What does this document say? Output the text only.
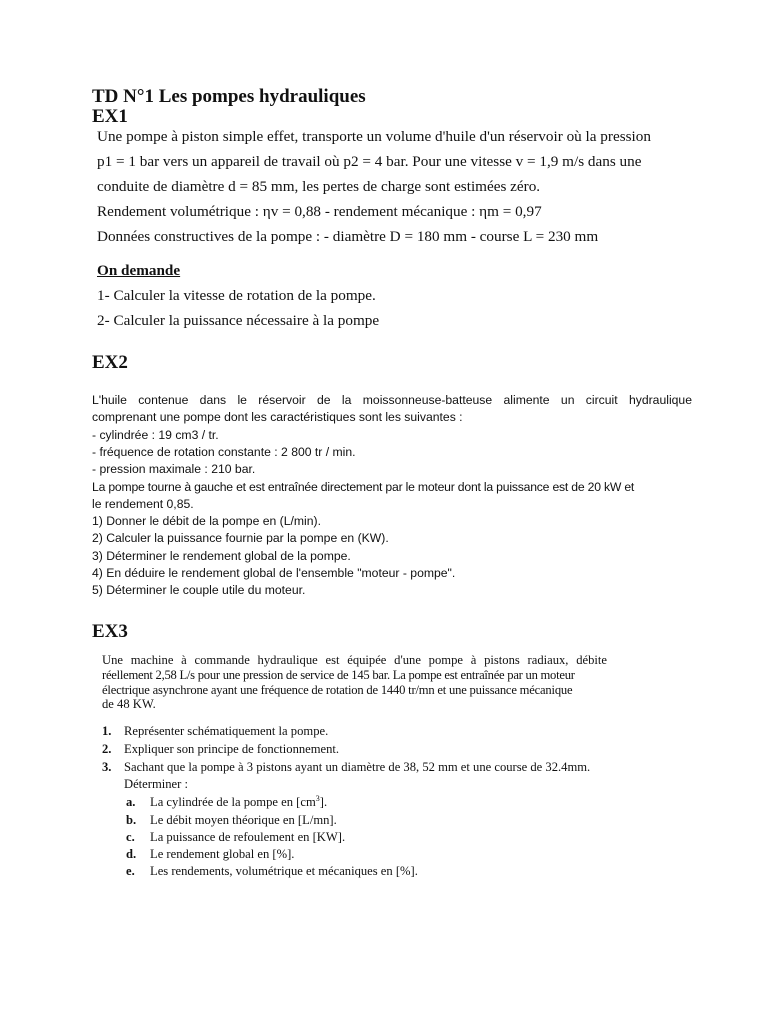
TD N°1 Les pompes hydrauliques
EX1
Une pompe à piston simple effet, transporte un volume d'huile d'un réservoir où la pression
p1 = 1 bar vers un appareil de travail où p2 = 4 bar. Pour une vitesse v = 1,9 m/s dans une
conduite de diamètre d = 85 mm, les pertes de charge sont estimées zéro.
Rendement volumétrique : ηv = 0,88 - rendement mécanique : ηm = 0,97
Données constructives de la pompe : - diamètre D = 180 mm - course L = 230 mm
On demande
1- Calculer la vitesse de rotation de la pompe.
2- Calculer la puissance nécessaire à la pompe
EX2
L'huile contenue dans le réservoir de la moissonneuse-batteuse alimente un circuit hydraulique
comprenant une pompe dont les caractéristiques sont les suivantes :
- cylindrée : 19 cm3 / tr.
- fréquence de rotation constante : 2 800 tr / min.
- pression maximale : 210 bar.
La pompe tourne à gauche et est entraînée directement par le moteur dont la puissance est de 20 kW et
le rendement 0,85.
1) Donner le débit de la pompe en (L/min).
2) Calculer la puissance fournie par la pompe en (KW).
3) Déterminer le rendement global de la pompe.
4) En déduire le rendement global de l'ensemble "moteur - pompe".
5) Déterminer le couple utile du moteur.
EX3
Une machine à commande hydraulique est équipée d'une pompe à pistons radiaux, débite
réellement 2,58 L/s pour une pression de service de 145 bar. La pompe est entraînée par un moteur
électrique asynchrone ayant une fréquence de rotation de 1440 tr/mn et une puissance mécanique
de 48 KW.
1. Représenter schématiquement la pompe.
2. Expliquer son principe de fonctionnement.
3. Sachant que la pompe à 3 pistons ayant un diamètre de 38, 52 mm et une course de 32.4mm.
Déterminer :
a. La cylindrée de la pompe en $[cm^3]$.
b. Le débit moyen théorique en [L/mn].
c. La puissance de refoulement en [KW].
d. Le rendement global en [%].
e. Les rendements, volumétrique et mécaniques en [%].
